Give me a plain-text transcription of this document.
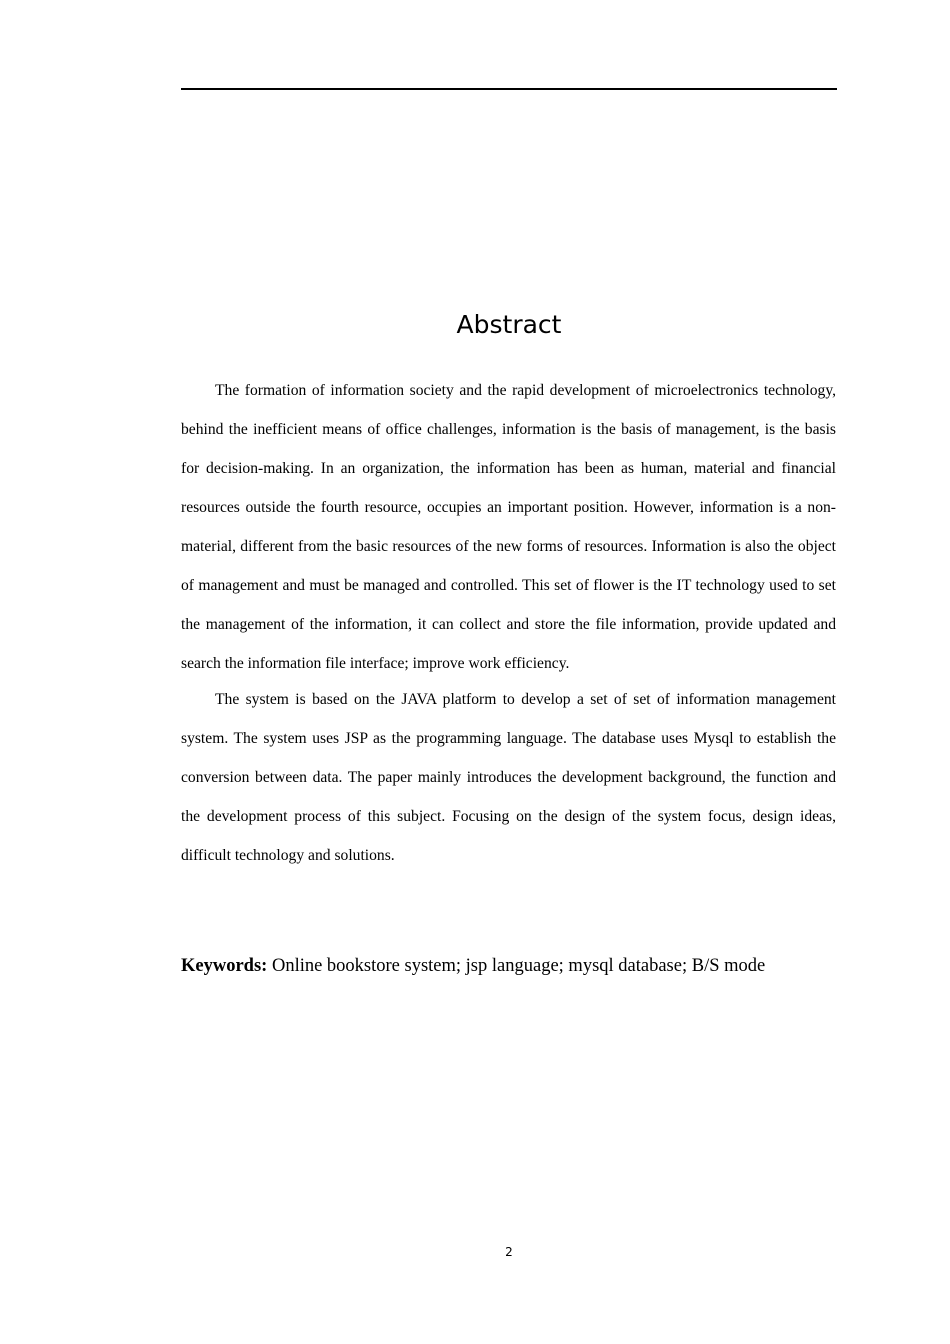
Abstract

The formation of information society and the rapid development of microelectronics technology, behind the inefficient means of office challenges, information is the basis of management, is the basis for decision-making. In an organization, the information has been as human, material and financial resources outside the fourth resource, occupies an important position. However, information is a non-material, different from the basic resources of the new forms of resources. Information is also the object of management and must be managed and controlled. This set of flower is the IT technology used to set the management of the information, it can collect and store the file information, provide updated and search the information file interface; improve work efficiency.

The system is based on the JAVA platform to develop a set of set of information management system. The system uses JSP as the programming language. The database uses Mysql to establish the conversion between data. The paper mainly introduces the development background, the function and the development process of this subject. Focusing on the design of the system focus, design ideas, difficult technology and solutions.

Keywords: Online bookstore system; jsp language; mysql database; B/S mode

2
